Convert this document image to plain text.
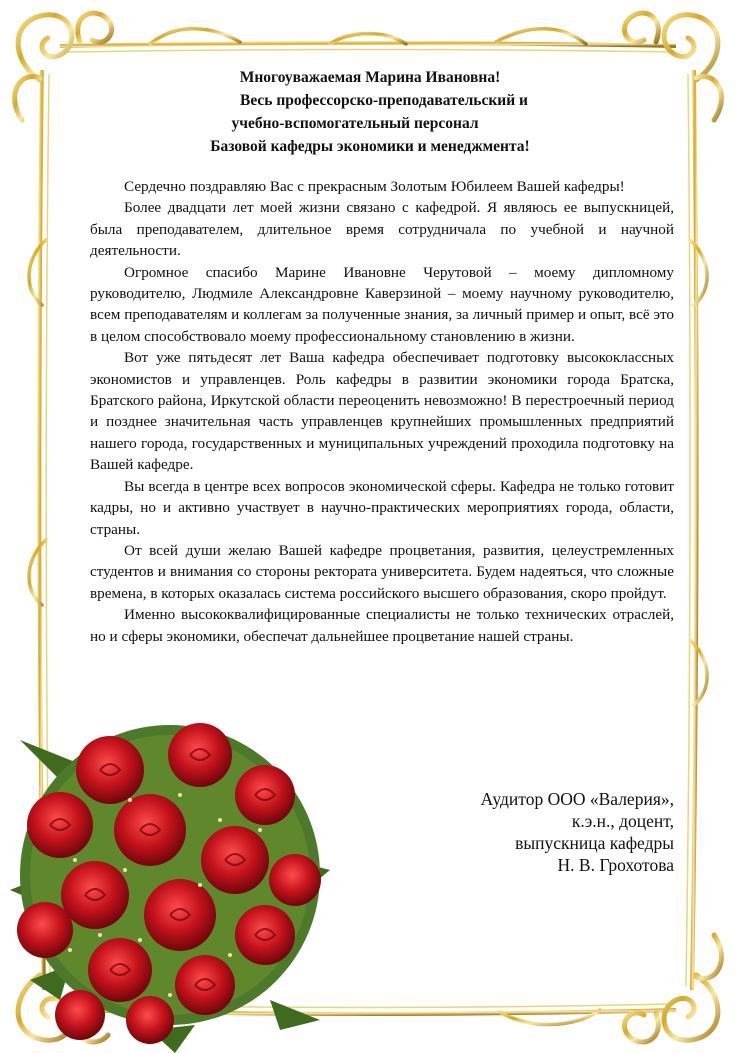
Многоуважаемая Марина Ивановна!
Весь профессорско-преподавательский и
учебно-вспомогательный персонал
Базовой кафедры экономики и менеджмента!

Сердечно поздравляю Вас с прекрасным Золотым Юбилеем Вашей кафедры!

Более двадцати лет моей жизни связано с кафедрой. Я являюсь ее выпускницей, была преподавателем, длительное время сотрудничала по учебной и научной деятельности.

Огромное спасибо Марине Ивановне Черутовой – моему дипломному руководителю, Людмиле Александровне Каверзиной – моему научному руководителю, всем преподавателям и коллегам за полученные знания, за личный пример и опыт, всё это в целом способствовало моему профессиональному становлению в жизни.

Вот уже пятьдесят лет Ваша кафедра обеспечивает подготовку высококлассных экономистов и управленцев. Роль кафедры в развитии экономики города Братска, Братского района, Иркутской области переоценить невозможно! В перестроечный период и позднее значительная часть управленцев крупнейших промышленных предприятий нашего города, государственных и муниципальных учреждений проходила подготовку на Вашей кафедре.

Вы всегда в центре всех вопросов экономической сферы. Кафедра не только готовит кадры, но и активно участвует в научно-практических мероприятиях города, области, страны.

От всей души желаю Вашей кафедре процветания, развития, целеустремленных студентов и внимания со стороны ректората университета. Будем надеяться, что сложные времена, в которых оказалась система российского высшего образования, скоро пройдут.

Именно высококвалифицированные специалисты не только технических отраслей, но и сферы экономики, обеспечат дальнейшее процветание нашей страны.

Аудитор ООО «Валерия»,
к.э.н., доцент,
выпускница кафедры
Н. В. Грохотова
